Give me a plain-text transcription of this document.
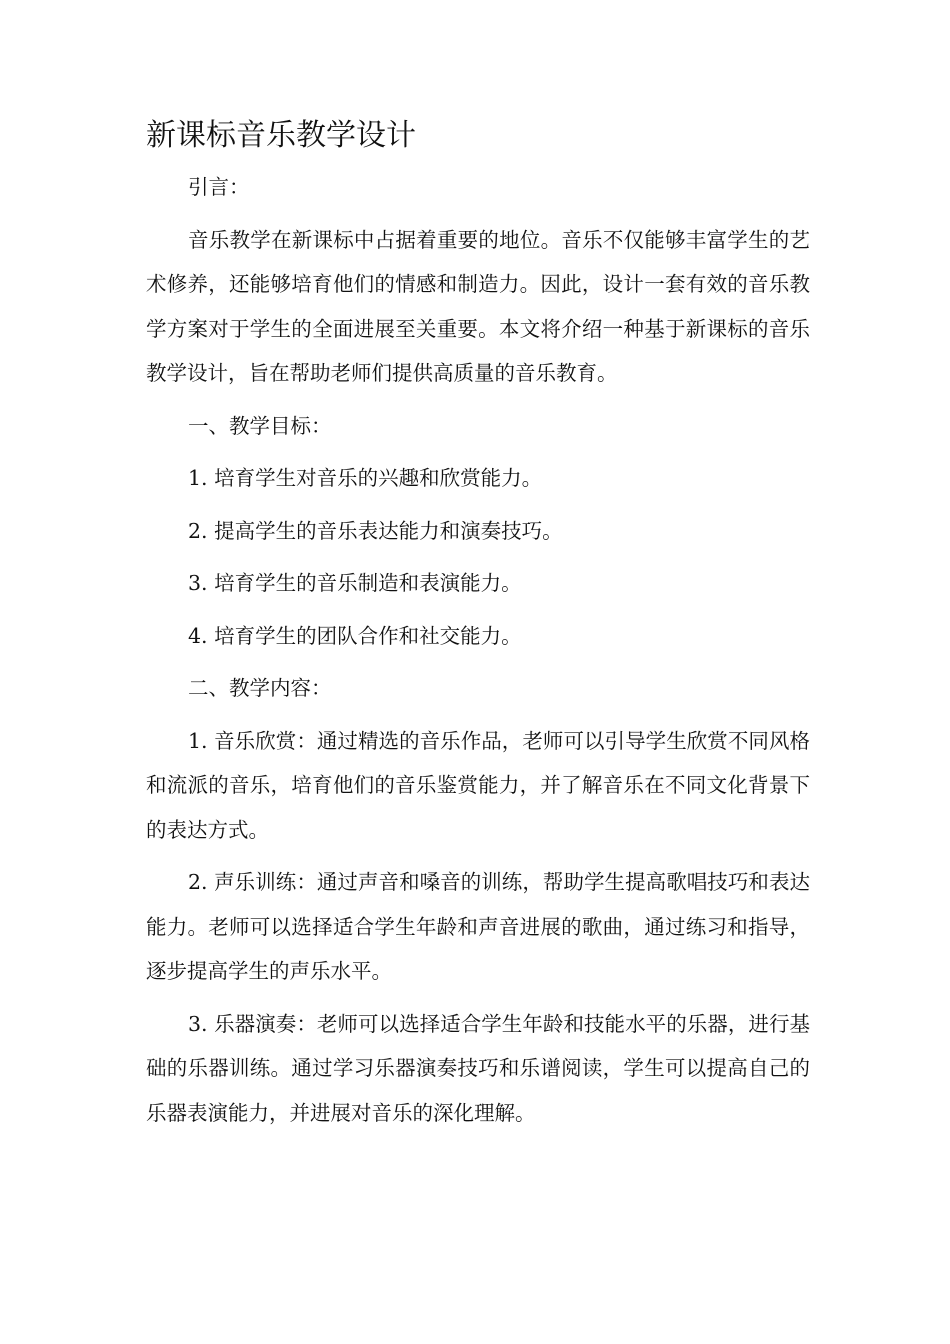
新课标音乐教学设计

引言：

音乐教学在新课标中占据着重要的地位。音乐不仅能够丰富学生的艺术修养，还能够培育他们的情感和制造力。因此，设计一套有效的音乐教学方案对于学生的全面进展至关重要。本文将介绍一种基于新课标的音乐教学设计，旨在帮助老师们提供高质量的音乐教育。

一、教学目标：

1. 培育学生对音乐的兴趣和欣赏能力。

2. 提高学生的音乐表达能力和演奏技巧。

3. 培育学生的音乐制造和表演能力。

4. 培育学生的团队合作和社交能力。

二、教学内容：

1. 音乐欣赏：通过精选的音乐作品，老师可以引导学生欣赏不同风格和流派的音乐，培育他们的音乐鉴赏能力，并了解音乐在不同文化背景下的表达方式。

2. 声乐训练：通过声音和嗓音的训练，帮助学生提高歌唱技巧和表达能力。老师可以选择适合学生年龄和声音进展的歌曲，通过练习和指导，逐步提高学生的声乐水平。

3. 乐器演奏：老师可以选择适合学生年龄和技能水平的乐器，进行基础的乐器训练。通过学习乐器演奏技巧和乐谱阅读，学生可以提高自己的乐器表演能力，并进展对音乐的深化理解。
